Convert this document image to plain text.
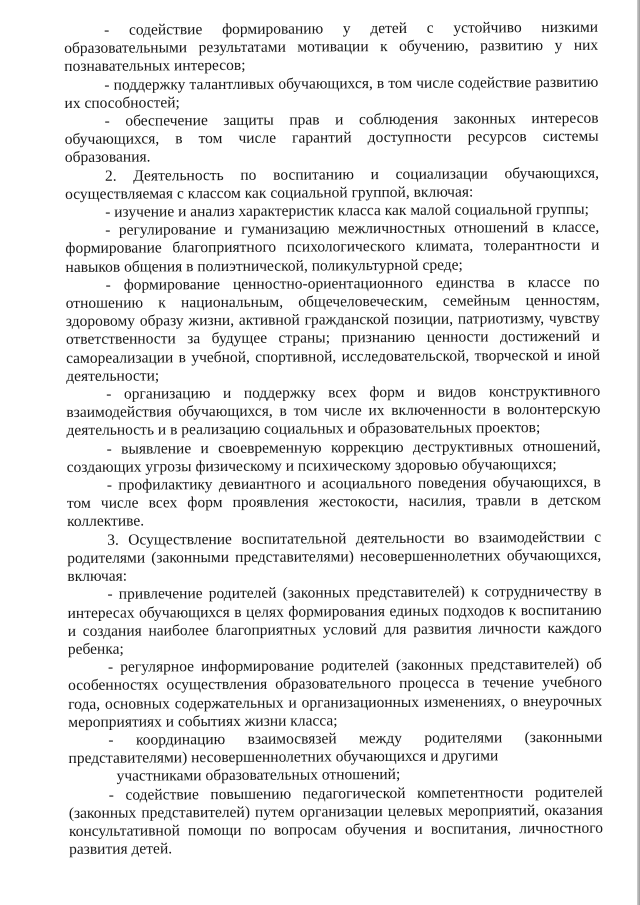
- содействие формированию у детей с устойчиво низкими образовательными результатами мотивации к обучению, развитию у них познавательных интересов;

- поддержку талантливых обучающихся, в том числе содействие развитию их способностей;

- обеспечение защиты прав и соблюдения законных интересов обучающихся, в том числе гарантий доступности ресурсов системы образования.

2. Деятельность по воспитанию и социализации обучающихся, осуществляемая с классом как социальной группой, включая:

- изучение и анализ характеристик класса как малой социальной группы;

- регулирование и гуманизацию межличностных отношений в классе, формирование благоприятного психологического климата, толерантности и навыков общения в полиэтнической, поликультурной среде;

- формирование ценностно-ориентационного единства в классе по отношению к национальным, общечеловеческим, семейным ценностям, здоровому образу жизни, активной гражданской позиции, патриотизму, чувству ответственности за будущее страны; признанию ценности достижений и самореализации в учебной, спортивной, исследовательской, творческой и иной деятельности;

- организацию и поддержку всех форм и видов конструктивного взаимодействия обучающихся, в том числе их включенности в волонтерскую деятельность и в реализацию социальных и образовательных проектов;

- выявление и своевременную коррекцию деструктивных отношений, создающих угрозы физическому и психическому здоровью обучающихся;

- профилактику девиантного и асоциального поведения обучающихся, в том числе всех форм проявления жестокости, насилия, травли в детском коллективе.

3. Осуществление воспитательной деятельности во взаимодействии с родителями (законными представителями) несовершеннолетних обучающихся, включая:

- привлечение родителей (законных представителей) к сотрудничеству в интересах обучающихся в целях формирования единых подходов к воспитанию и создания наиболее благоприятных условий для развития личности каждого ребенка;

- регулярное информирование родителей (законных представителей) об особенностях осуществления образовательного процесса в течение учебного года, основных содержательных и организационных изменениях, о внеурочных мероприятиях и событиях жизни класса;

- координацию взаимосвязей между родителями (законными представителями) несовершеннолетних обучающихся и другими

участниками образовательных отношений;

- содействие повышению педагогической компетентности родителей (законных представителей) путем организации целевых мероприятий, оказания консультативной помощи по вопросам обучения и воспитания, личностного развития детей.
